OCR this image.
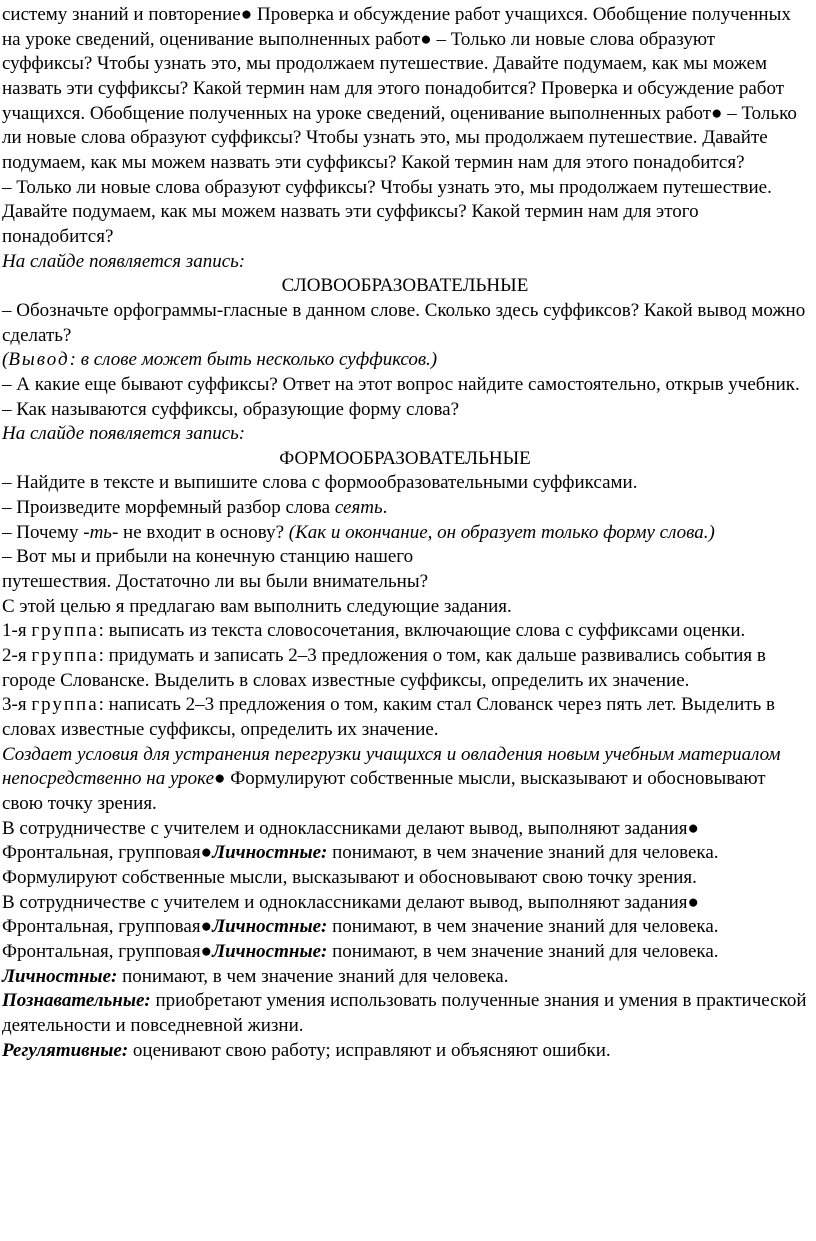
систему знаний и повторение● Проверка и обсуждение работ учащихся. Обобщение полученных на уроке сведений, оценивание выполненных работ● – Только ли новые слова образуют суффиксы? Чтобы узнать это, мы продолжаем путешествие. Давайте подумаем, как мы можем назвать эти суффиксы? Какой термин нам для этого понадобится? Проверка и обсуждение работ учащихся. Обобщение полученных на уроке сведений, оценивание выполненных работ● – Только ли новые слова образуют суффиксы? Чтобы узнать это, мы продолжаем путешествие. Давайте подумаем, как мы можем назвать эти суффиксы? Какой термин нам для этого понадобится?

– Только ли новые слова образуют суффиксы? Чтобы узнать это, мы продолжаем путешествие. Давайте подумаем, как мы можем назвать эти суффиксы? Какой термин нам для этого понадобится?

На слайде появляется запись:

СЛОВООБРАЗОВАТЕЛЬНЫЕ

– Обозначьте орфограммы-гласные в данном слове. Сколько здесь суффиксов? Какой вывод можно сделать?

(Вывод: в слове может быть несколько суффиксов.)

– А какие еще бывают суффиксы? Ответ на этот вопрос найдите самостоятельно, открыв учебник.

– Как называются суффиксы, образующие форму слова?

На слайде появляется запись:

ФОРМООБРАЗОВАТЕЛЬНЫЕ

– Найдите в тексте и выпишите слова с формообразовательными суффиксами.

– Произведите морфемный разбор слова сеять.

– Почему -ть- не входит в основу? (Как и окончание, он образует только форму слова.)

– Вот мы и прибыли на конечную станцию нашего
путешествия. Достаточно ли вы были внимательны?

С этой целью я предлагаю вам выполнить следующие задания.

1-я группа: выписать из текста словосочетания, включающие слова с суффиксами оценки.

2-я группа: придумать и записать 2–3 предложения о том, как дальше развивались события в городе Слованске. Выделить в словах известные суффиксы, определить их значение.

3-я группа: написать 2–3 предложения о том, каким стал Слованск через пять лет. Выделить в словах известные суффиксы, определить их значение.

Создает условия для устранения перегрузки учащихся и овладения новым учебным материалом непосредственно на уроке● Формулируют собственные мысли, высказывают и обосновывают свою точку зрения.

В сотрудничестве с учителем и одноклассниками делают вывод, выполняют задания● Фронтальная, групповая●Личностные: понимают, в чем значение знаний для человека.

Формулируют собственные мысли, высказывают и обосновывают свою точку зрения.

В сотрудничестве с учителем и одноклассниками делают вывод, выполняют задания● Фронтальная, групповая●Личностные: понимают, в чем значение знаний для человека.

Фронтальная, групповая●Личностные: понимают, в чем значение знаний для человека.

Личностные: понимают, в чем значение знаний для человека.

Познавательные: приобретают умения использовать полученные знания и умения в практической деятельности и повседневной жизни.

Регулятивные: оценивают свою работу; исправляют и объясняют ошибки.
